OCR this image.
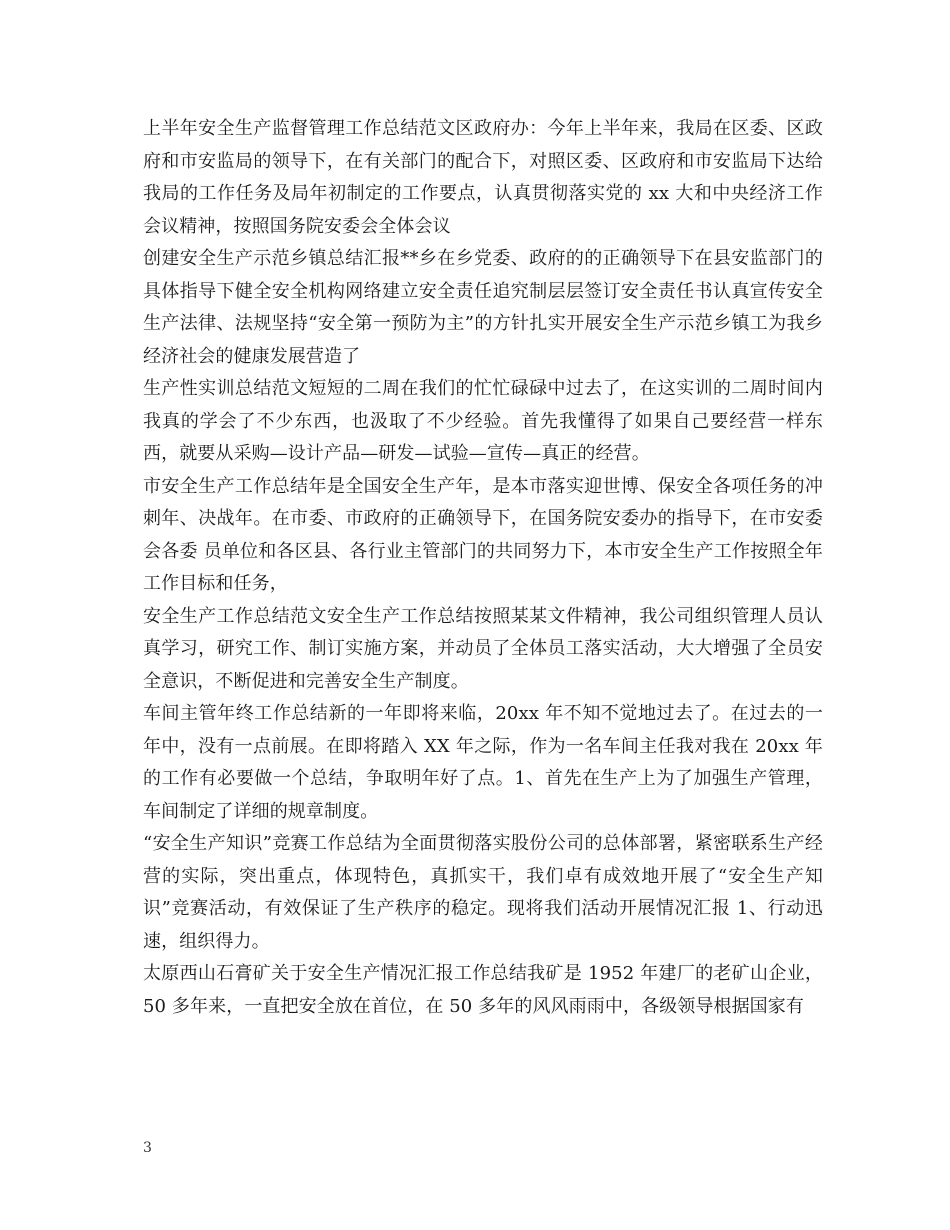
上半年安全生产监督管理工作总结范文区政府办：今年上半年来，我局在区委、区政府和市安监局的领导下，在有关部门的配合下，对照区委、区政府和市安监局下达给我局的工作任务及局年初制定的工作要点，认真贯彻落实党的 xx 大和中央经济工作会议精神，按照国务院安委会全体会议

创建安全生产示范乡镇总结汇报**乡在乡党委、政府的的正确领导下在县安监部门的具体指导下健全安全机构网络建立安全责任追究制层层签订安全责任书认真宣传安全生产法律、法规坚持“安全第一预防为主”的方针扎实开展安全生产示范乡镇工为我乡经济社会的健康发展营造了

生产性实训总结范文短短的二周在我们的忙忙碌碌中过去了，在这实训的二周时间内我真的学会了不少东西，也汲取了不少经验。首先我懂得了如果自己要经营一样东西，就要从采购—设计产品—研发—试验—宣传—真正的经营。

市安全生产工作总结年是全国安全生产年，是本市落实迎世博、保安全各项任务的冲刺年、决战年。在市委、市政府的正确领导下，在国务院安委办的指导下，在市安委会各委 员单位和各区县、各行业主管部门的共同努力下，本市安全生产工作按照全年工作目标和任务，

安全生产工作总结范文安全生产工作总结按照某某文件精神，我公司组织管理人员认真学习，研究工作、制订实施方案，并动员了全体员工落实活动，大大增强了全员安全意识，不断促进和完善安全生产制度。

车间主管年终工作总结新的一年即将来临，20xx 年不知不觉地过去了。在过去的一年中，没有一点前展。在即将踏入 XX 年之际，作为一名车间主任我对我在 20xx 年的工作有必要做一个总结，争取明年好了点。1、首先在生产上为了加强生产管理，车间制定了详细的规章制度。

“安全生产知识”竞赛工作总结为全面贯彻落实股份公司的总体部署，紧密联系生产经营的实际，突出重点，体现特色，真抓实干，我们卓有成效地开展了“安全生产知识”竞赛活动，有效保证了生产秩序的稳定。现将我们活动开展情况汇报 1、行动迅速，组织得力。

太原西山石膏矿关于安全生产情况汇报工作总结我矿是 1952 年建厂的老矿山企业，50 多年来，一直把安全放在首位，在 50 多年的风风雨雨中，各级领导根据国家有

3
